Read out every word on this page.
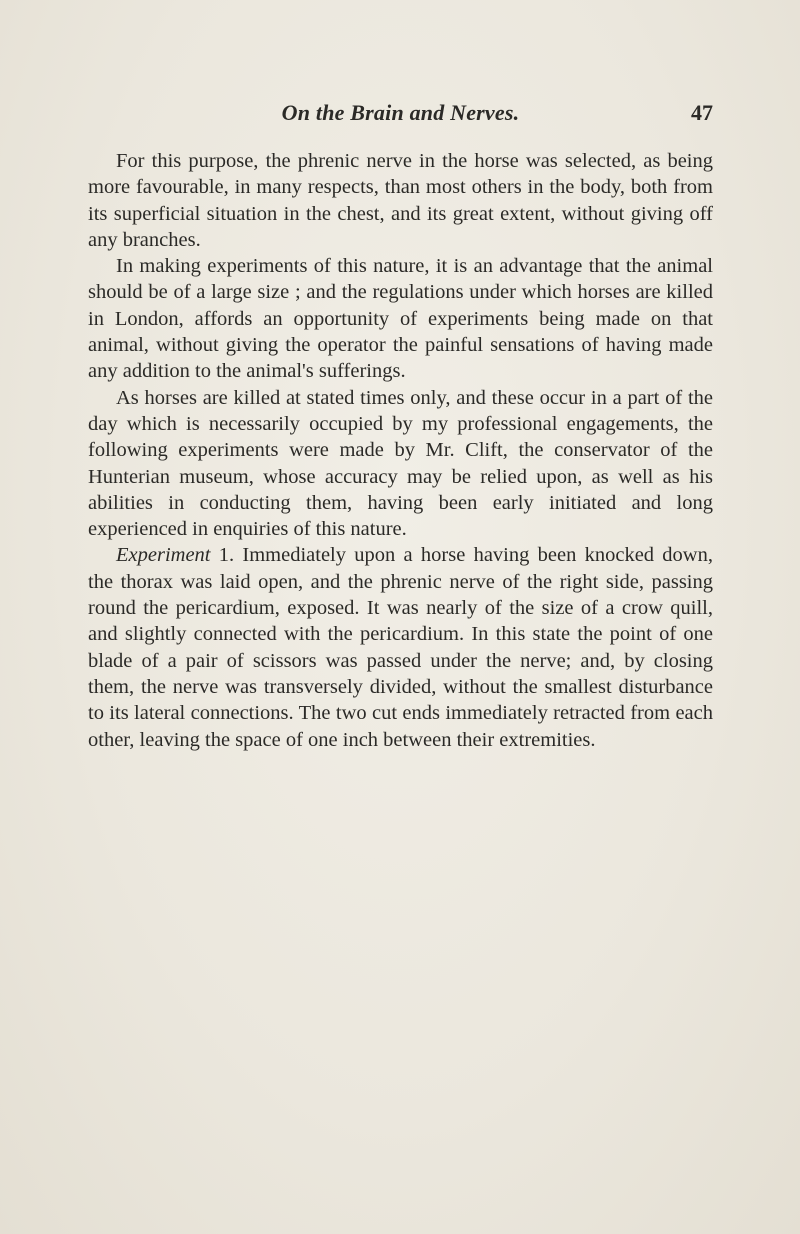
On the Brain and Nerves.	47

For this purpose, the phrenic nerve in the horse was selected, as being more favourable, in many respects, than most others in the body, both from its superficial situation in the chest, and its great extent, without giving off any branches.

In making experiments of this nature, it is an advantage that the animal should be of a large size ; and the regulations under which horses are killed in London, affords an opportunity of experiments being made on that animal, without giving the operator the painful sensations of having made any addition to the animal's sufferings.

As horses are killed at stated times only, and these occur in a part of the day which is necessarily occupied by my professional engagements, the following experiments were made by Mr. Clift, the conservator of the Hunterian museum, whose accuracy may be relied upon, as well as his abilities in conducting them, having been early initiated and long experienced in enquiries of this nature.

Experiment 1. Immediately upon a horse having been knocked down, the thorax was laid open, and the phrenic nerve of the right side, passing round the pericardium, exposed. It was nearly of the size of a crow quill, and slightly connected with the pericardium. In this state the point of one blade of a pair of scissors was passed under the nerve; and, by closing them, the nerve was transversely divided, without the smallest disturbance to its lateral connections. The two cut ends immediately retracted from each other, leaving the space of one inch between their extremities.
